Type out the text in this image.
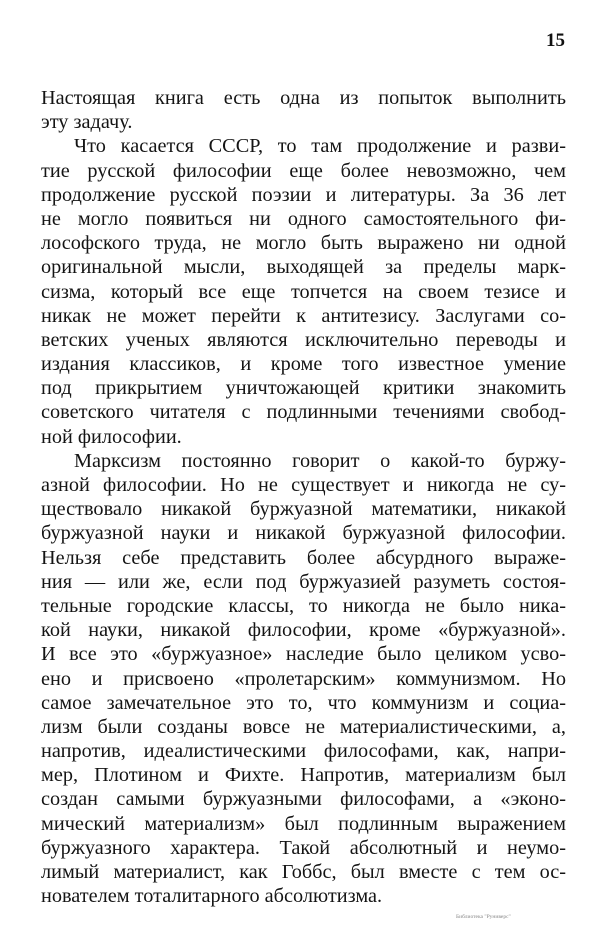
15
Настоящая книга есть одна из попыток выполнить
эту задачу.
Что касается СССР, то там продолжение и разви-
тие русской философии еще более невозможно, чем
продолжение русской поэзии и литературы. За 36 лет
не могло появиться ни одного самостоятельного фи-
лософского труда, не могло быть выражено ни одной
оригинальной мысли, выходящей за пределы марк-
сизма, который все еще топчется на своем тезисе и
никак не может перейти к антитезису. Заслугами со-
ветских ученых являются исключительно переводы и
издания классиков, и кроме того известное умение
под прикрытием уничтожающей критики знакомить
советского читателя с подлинными течениями свобод-
ной философии.
Марксизм постоянно говорит о какой-то буржу-
азной философии. Но не существует и никогда не су-
ществовало никакой буржуазной математики, никакой
буржуазной науки и никакой буржуазной философии.
Нельзя себе представить более абсурдного выраже-
ния — или же, если под буржуазией разуметь состоя-
тельные городские классы, то никогда не было ника-
кой науки, никакой философии, кроме «буржуазной».
И все это «буржуазное» наследие было целиком усво-
ено и присвоено «пролетарским» коммунизмом. Но
самое замечательное это то, что коммунизм и социа-
лизм были созданы вовсе не материалистическими, а,
напротив, идеалистическими философами, как, напри-
мер, Плотином и Фихте. Напротив, материализм был
создан самыми буржуазными философами, а «эконо-
мический материализм» был подлинным выражением
буржуазного характера. Такой абсолютный и неумо-
лимый материалист, как Гоббс, был вместе с тем ос-
нователем тоталитарного абсолютизма.
Библиотека "Руниверс"
